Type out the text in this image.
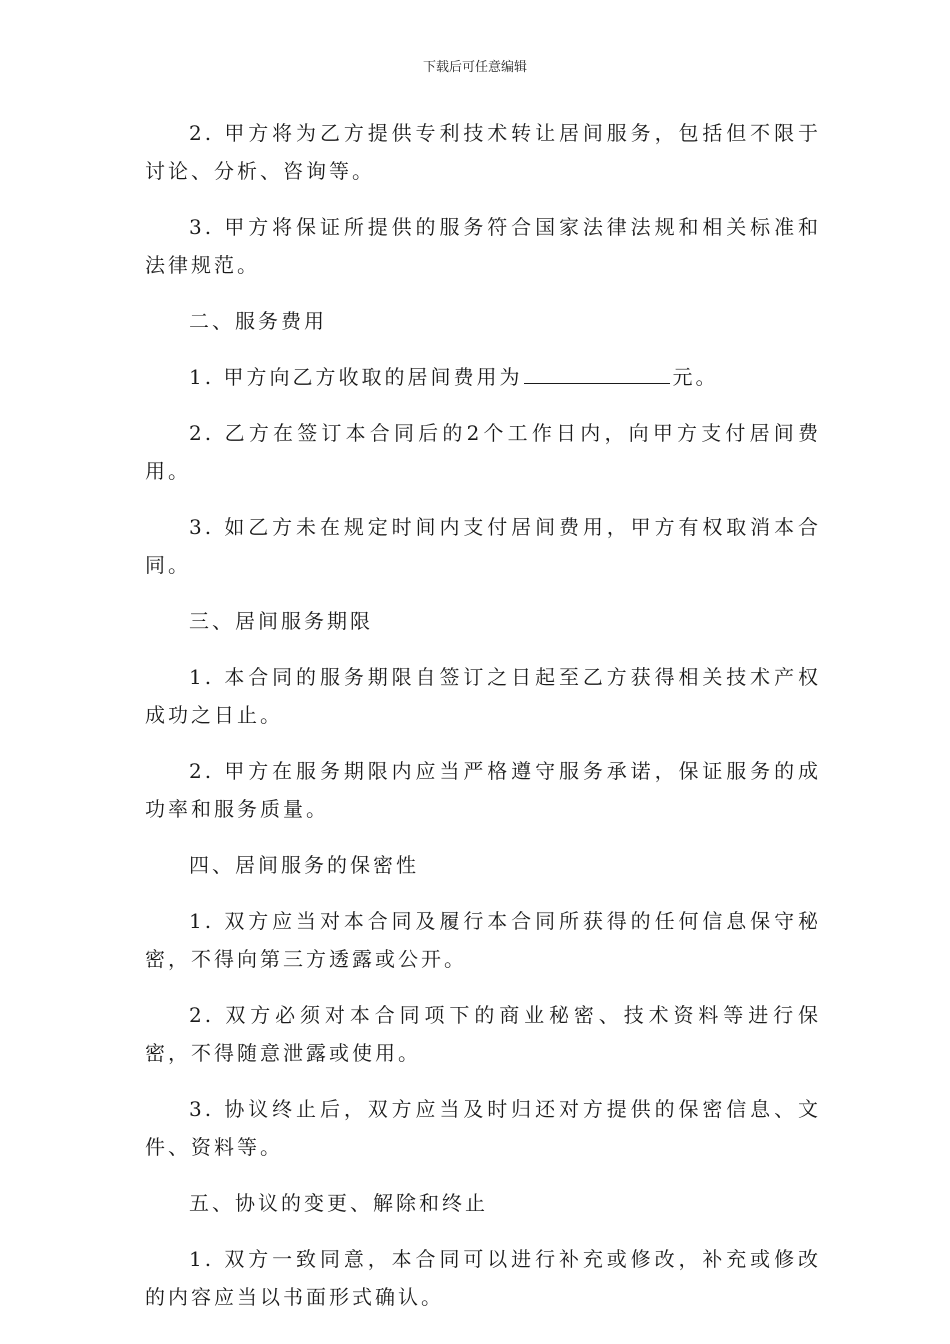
下载后可任意编辑

2. 甲方将为乙方提供专利技术转让居间服务，包括但不限于讨论、分析、咨询等。

3. 甲方将保证所提供的服务符合国家法律法规和相关标准和法律规范。

二、服务费用

1. 甲方向乙方收取的居间费用为	元。

2. 乙方在签订本合同后的2个工作日内，向甲方支付居间费用。

3. 如乙方未在规定时间内支付居间费用，甲方有权取消本合同。

三、居间服务期限

1. 本合同的服务期限自签订之日起至乙方获得相关技术产权成功之日止。

2. 甲方在服务期限内应当严格遵守服务承诺，保证服务的成功率和服务质量。

四、居间服务的保密性

1. 双方应当对本合同及履行本合同所获得的任何信息保守秘密，不得向第三方透露或公开。

2. 双方必须对本合同项下的商业秘密、技术资料等进行保密，不得随意泄露或使用。

3. 协议终止后，双方应当及时归还对方提供的保密信息、文件、资料等。

五、协议的变更、解除和终止

1. 双方一致同意，本合同可以进行补充或修改，补充或修改的内容应当以书面形式确认。
